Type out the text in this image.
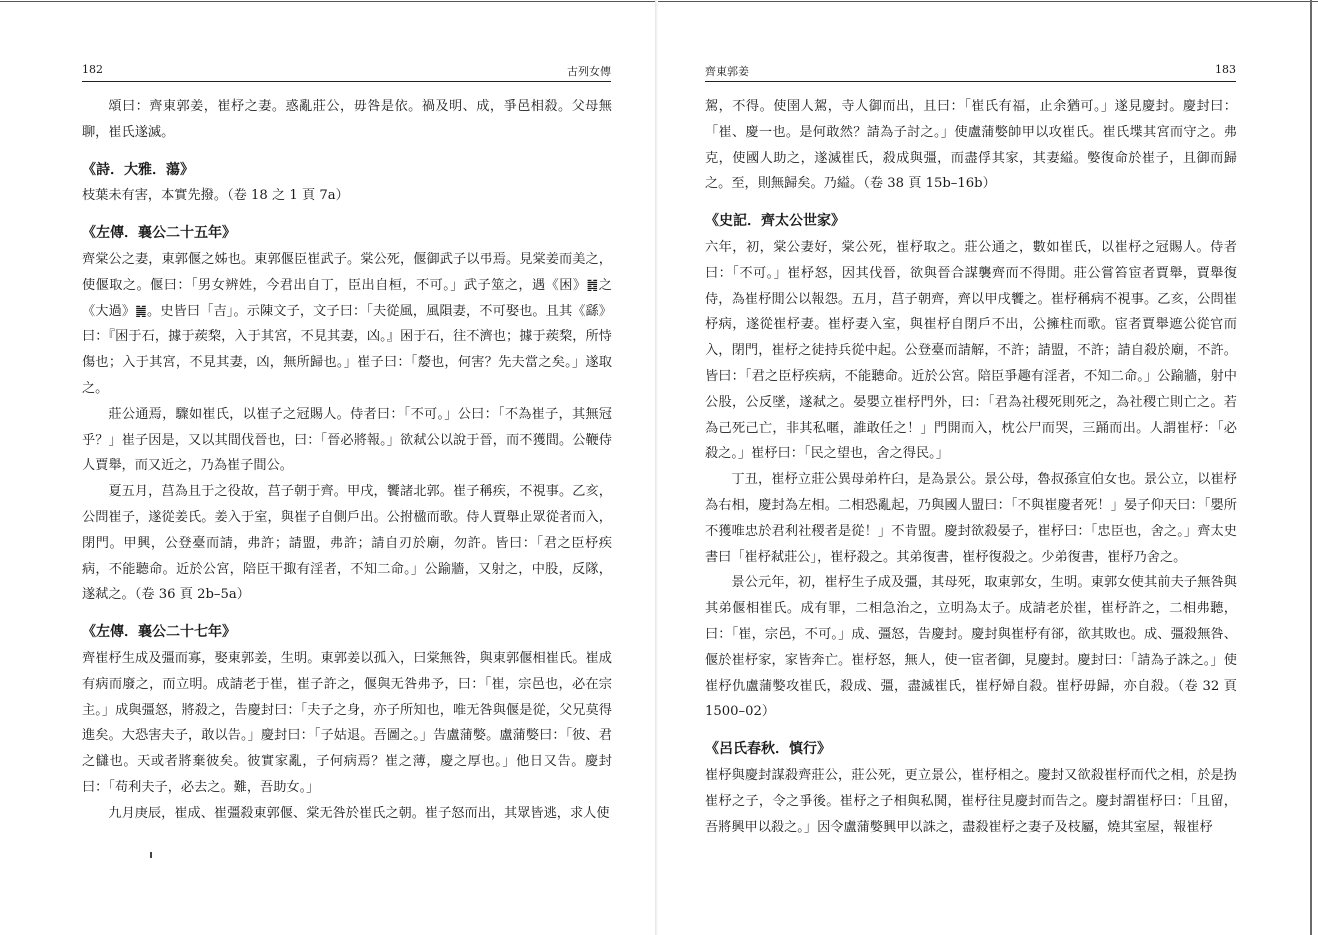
182	古列女傳

頌曰：齊東郭姜，崔杼之妻。惑亂莊公，毋咎是依。禍及明、成，爭邑相殺。父母無聊，崔氏遂滅。

《詩．大雅．蕩》

枝葉未有害，本實先撥。（卷 18 之 1 頁 7a）

《左傳．襄公二十五年》

齊棠公之妻，東郭偃之姊也。東郭偃臣崔武子。棠公死，偃御武子以弔焉。見棠姜而美之，使偃取之。偃曰：「男女辨姓，今君出自丁，臣出自桓，不可。」武子筮之，遇《困》䷮之《大過》䷛。史皆曰「吉」。示陳文子，文子曰：「夫從風，風隕妻，不可娶也。且其《繇》曰：『困于石，據于蒺棃，入于其宮，不見其妻，凶。』困于石，往不濟也；據于蒺棃，所恃傷也；入于其宮，不見其妻，凶，無所歸也。」崔子曰：「嫠也，何害？先夫當之矣。」遂取之。

莊公通焉，驟如崔氏，以崔子之冠賜人。侍者曰：「不可。」公曰：「不為崔子，其無冠乎？」崔子因是，又以其間伐晉也，曰：「晉必將報。」欲弒公以說于晉，而不獲間。公鞭侍人賈舉，而又近之，乃為崔子間公。

夏五月，莒為且于之役故，莒子朝于齊。甲戌，饗諸北郭。崔子稱疾，不視事。乙亥，公問崔子，遂從姜氏。姜入于室，與崔子自側戶出。公拊楹而歌。侍人賈舉止眾從者而入，閉門。甲興，公登臺而請，弗許；請盟，弗許；請自刃於廟，勿許。皆曰：「君之臣杼疾病，不能聽命。近於公宮，陪臣干掫有淫者，不知二命。」公踰牆，又射之，中股，反隊，遂弒之。（卷 36 頁 2b–5a）

《左傳．襄公二十七年》

齊崔杼生成及彊而寡，娶東郭姜，生明。東郭姜以孤入，曰棠無咎，與東郭偃相崔氏。崔成有病而廢之，而立明。成請老于崔，崔子許之，偃與无咎弗予，曰：「崔，宗邑也，必在宗主。」成與彊怒，將殺之，告慶封曰：「夫子之身，亦子所知也，唯无咎與偃是從，父兄莫得進矣。大恐害夫子，敢以告。」慶封曰：「子姑退。吾圖之。」告盧蒲嫳。盧蒲嫳曰：「彼、君之讎也。天或者將棄彼矣。彼實家亂，子何病焉？崔之薄，慶之厚也。」他日又告。慶封曰：「苟利夫子，必去之。難，吾助女。」

九月庚辰，崔成、崔彊殺東郭偃、棠无咎於崔氏之朝。崔子怒而出，其眾皆逃，求人使

齊東郭姜	183

駕，不得。使圉人駕，寺人御而出，且曰：「崔氏有福，止余猶可。」遂見慶封。慶封曰：「崔、慶一也。是何敢然？請為子討之。」使盧蒲嫳帥甲以攻崔氏。崔氏堞其宮而守之。弗克，使國人助之，遂滅崔氏，殺成與彊，而盡俘其家，其妻縊。嫳復命於崔子，且御而歸之。至，則無歸矣。乃縊。（卷 38 頁 15b–16b）

《史記．齊太公世家》

六年，初，棠公妻好，棠公死，崔杼取之。莊公通之，數如崔氏，以崔杼之冠賜人。侍者曰：「不可。」崔杼怒，因其伐晉，欲與晉合謀襲齊而不得閒。莊公嘗笞宦者賈舉，賈舉復侍，為崔杼閒公以報怨。五月，莒子朝齊，齊以甲戌饗之。崔杼稱病不視事。乙亥，公問崔杼病，遂從崔杼妻。崔杼妻入室，與崔杼自閉戶不出，公擁柱而歌。宦者賈舉遮公從官而入，閉門，崔杼之徒持兵從中起。公登臺而請解，不許；請盟，不許；請自殺於廟，不許。皆曰：「君之臣杼疾病，不能聽命。近於公宮。陪臣爭趣有淫者，不知二命。」公踰牆，射中公股，公反墜，遂弒之。晏嬰立崔杼門外，曰：「君為社稷死則死之，為社稷亡則亡之。若為己死己亡，非其私暱，誰敢任之！」門開而入，枕公尸而哭，三踊而出。人謂崔杼：「必殺之。」崔杼曰：「民之望也，舍之得民。」

丁丑，崔杼立莊公異母弟杵臼，是為景公。景公母，魯叔孫宣伯女也。景公立，以崔杼為右相，慶封為左相。二相恐亂起，乃與國人盟曰：「不與崔慶者死！」晏子仰天曰：「嬰所不獲唯忠於君利社稷者是從！」不肯盟。慶封欲殺晏子，崔杼曰：「忠臣也，舍之。」齊太史書曰「崔杼弒莊公」，崔杼殺之。其弟復書，崔杼復殺之。少弟復書，崔杼乃舍之。

景公元年，初，崔杼生子成及彊，其母死，取東郭女，生明。東郭女使其前夫子無咎與其弟偃相崔氏。成有罪，二相急治之，立明為太子。成請老於崔，崔杼許之，二相弗聽，曰：「崔，宗邑，不可。」成、彊怒，告慶封。慶封與崔杼有郤，欲其敗也。成、彊殺無咎、偃於崔杼家，家皆奔亡。崔杼怒，無人，使一宦者御，見慶封。慶封曰：「請為子誅之。」使崔杼仇盧蒲嫳攻崔氏，殺成、彊，盡滅崔氏，崔杼婦自殺。崔杼毋歸，亦自殺。（卷 32 頁 1500–02）

《呂氏春秋．慎行》

崔杼與慶封謀殺齊莊公，莊公死，更立景公，崔杼相之。慶封又欲殺崔杼而代之相，於是㧑崔杼之子，令之爭後。崔杼之子相與私鬨，崔杼往見慶封而告之。慶封謂崔杼曰：「且留，吾將興甲以殺之。」因令盧蒲嫳興甲以誅之，盡殺崔杼之妻子及枝屬，燒其室屋，報崔杼
